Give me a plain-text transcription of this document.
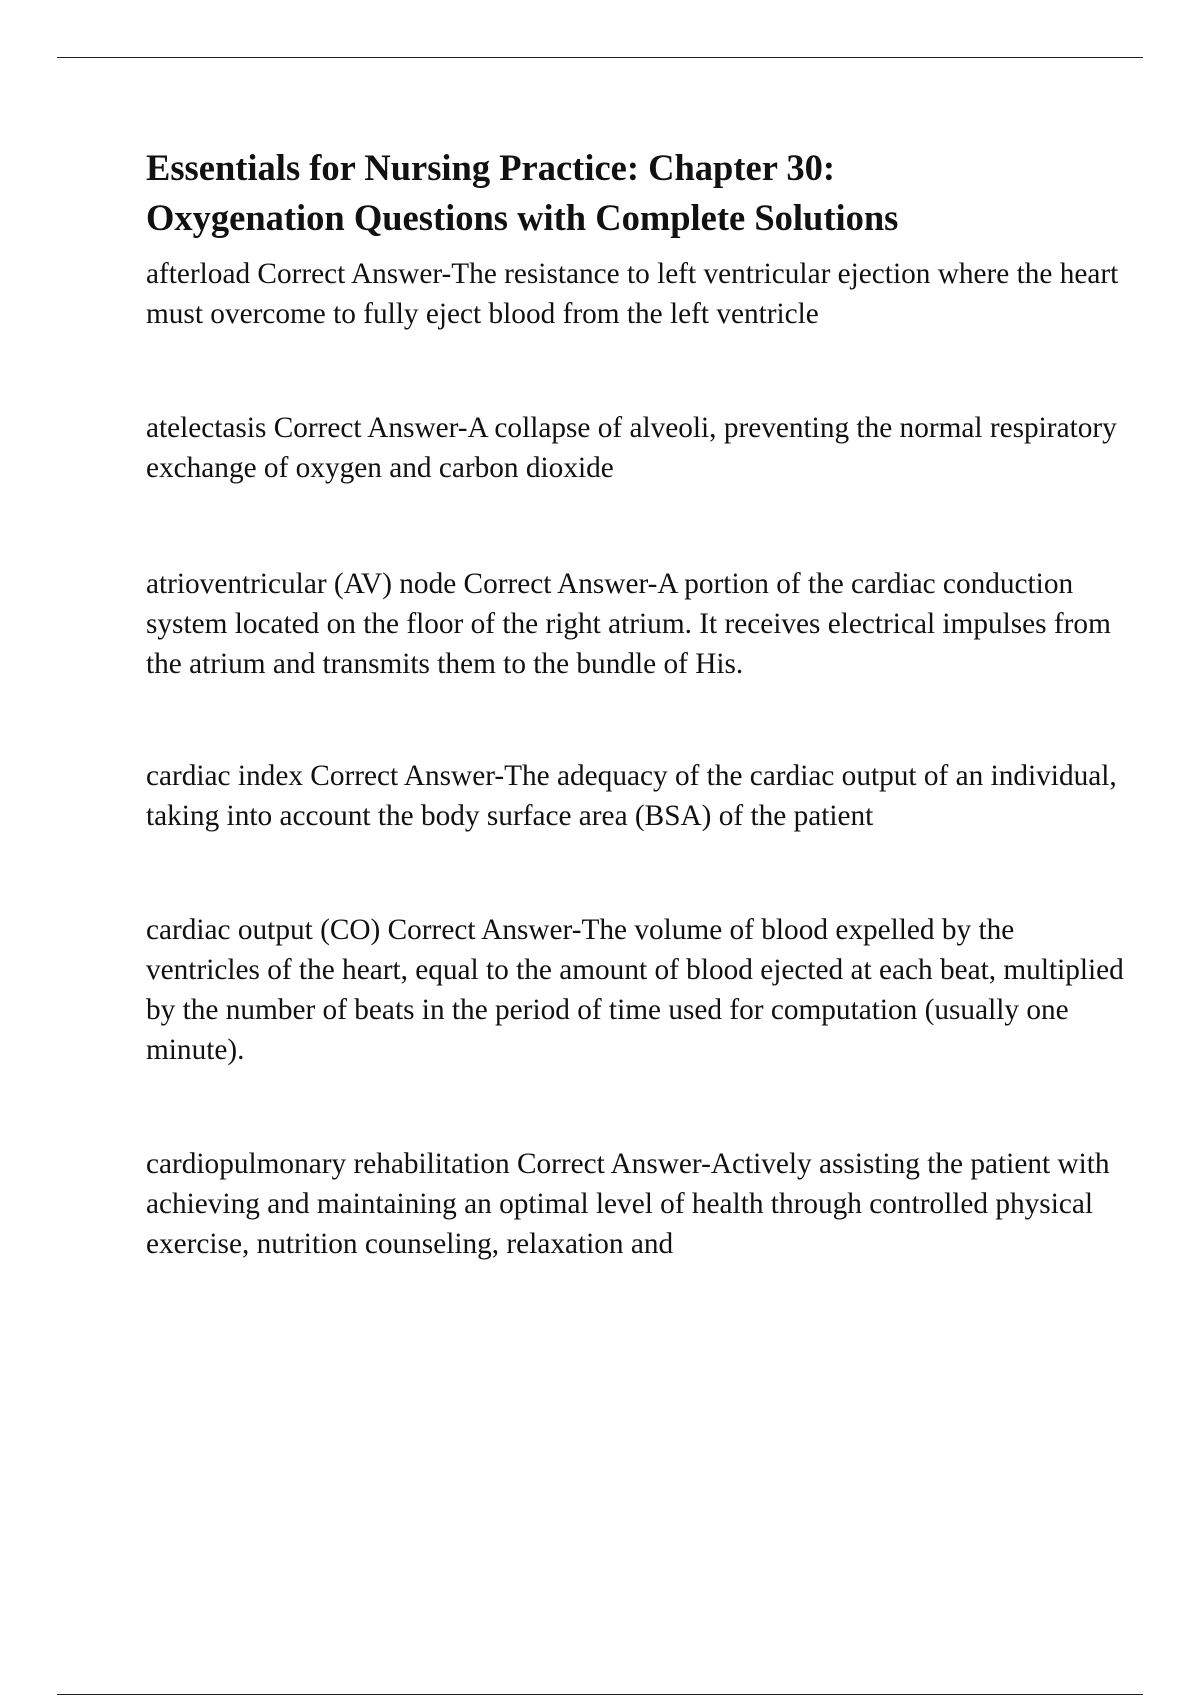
Essentials for Nursing Practice: Chapter 30:
Oxygenation Questions with Complete Solutions

afterload Correct Answer-The resistance to left ventricular ejection where the heart must overcome to fully eject blood from the left ventricle

atelectasis Correct Answer-A collapse of alveoli, preventing the normal respiratory exchange of oxygen and carbon dioxide

atrioventricular (AV) node Correct Answer-A portion of the cardiac conduction system located on the floor of the right atrium. It receives electrical impulses from the atrium and transmits them to the bundle of His.

cardiac index Correct Answer-The adequacy of the cardiac output of an individual, taking into account the body surface area (BSA) of the patient

cardiac output (CO) Correct Answer-The volume of blood expelled by the ventricles of the heart, equal to the amount of blood ejected at each beat, multiplied by the number of beats in the period of time used for computation (usually one minute).

cardiopulmonary rehabilitation Correct Answer-Actively assisting the patient with achieving and maintaining an optimal level of health through controlled physical exercise, nutrition counseling, relaxation and
